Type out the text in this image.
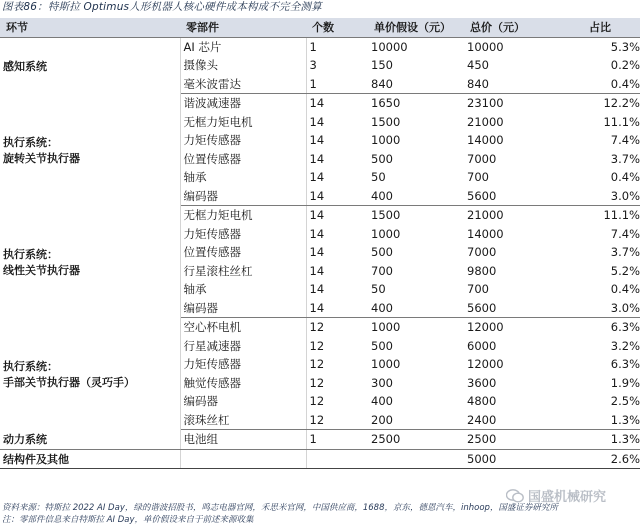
图表86：特斯拉 Optimus人形机器人核心硬件成本构成不完全测算
环节	零部件	个数	单价假设（元）	总价（元）	占比

感知系统	AI 芯片	1	10000	10000	5.3%
	摄像头	3	150	450	0.2%
	毫米波雷达	1	840	840	0.4%

执行系统：
旋转关节执行器	谐波减速器	14	1650	23100	12.2%
	无框力矩电机	14	1500	21000	11.1%
	力矩传感器	14	1000	14000	7.4%
	位置传感器	14	500	7000	3.7%
	轴承	14	50	700	0.4%
	编码器	14	400	5600	3.0%

执行系统：
线性关节执行器	无框力矩电机	14	1500	21000	11.1%
	力矩传感器	14	1000	14000	7.4%
	位置传感器	14	500	7000	3.7%
	行星滚柱丝杠	14	700	9800	5.2%
	轴承	14	50	700	0.4%
	编码器	14	400	5600	3.0%

执行系统：
手部关节执行器（灵巧手）	空心杯电机	12	1000	12000	6.3%
	行星减速器	12	500	6000	3.2%
	力矩传感器	12	1000	12000	6.3%
	触觉传感器	12	300	3600	1.9%
	编码器	12	400	4800	2.5%
	滚珠丝杠	12	200	2400	1.3%

动力系统	电池组	1	2500	2500	1.3%

结构件及其他				5000	2.6%
国盛机械研究
资料来源：特斯拉 2022 AI Day，绿的谐波招股书，鸣志电器官网，禾思米官网，中国供应商，1688，京东，德恩汽车，inhoop，国盛证券研究所
注：零部件信息来自特斯拉 AI Day，单价假设来自于前述来源收集
